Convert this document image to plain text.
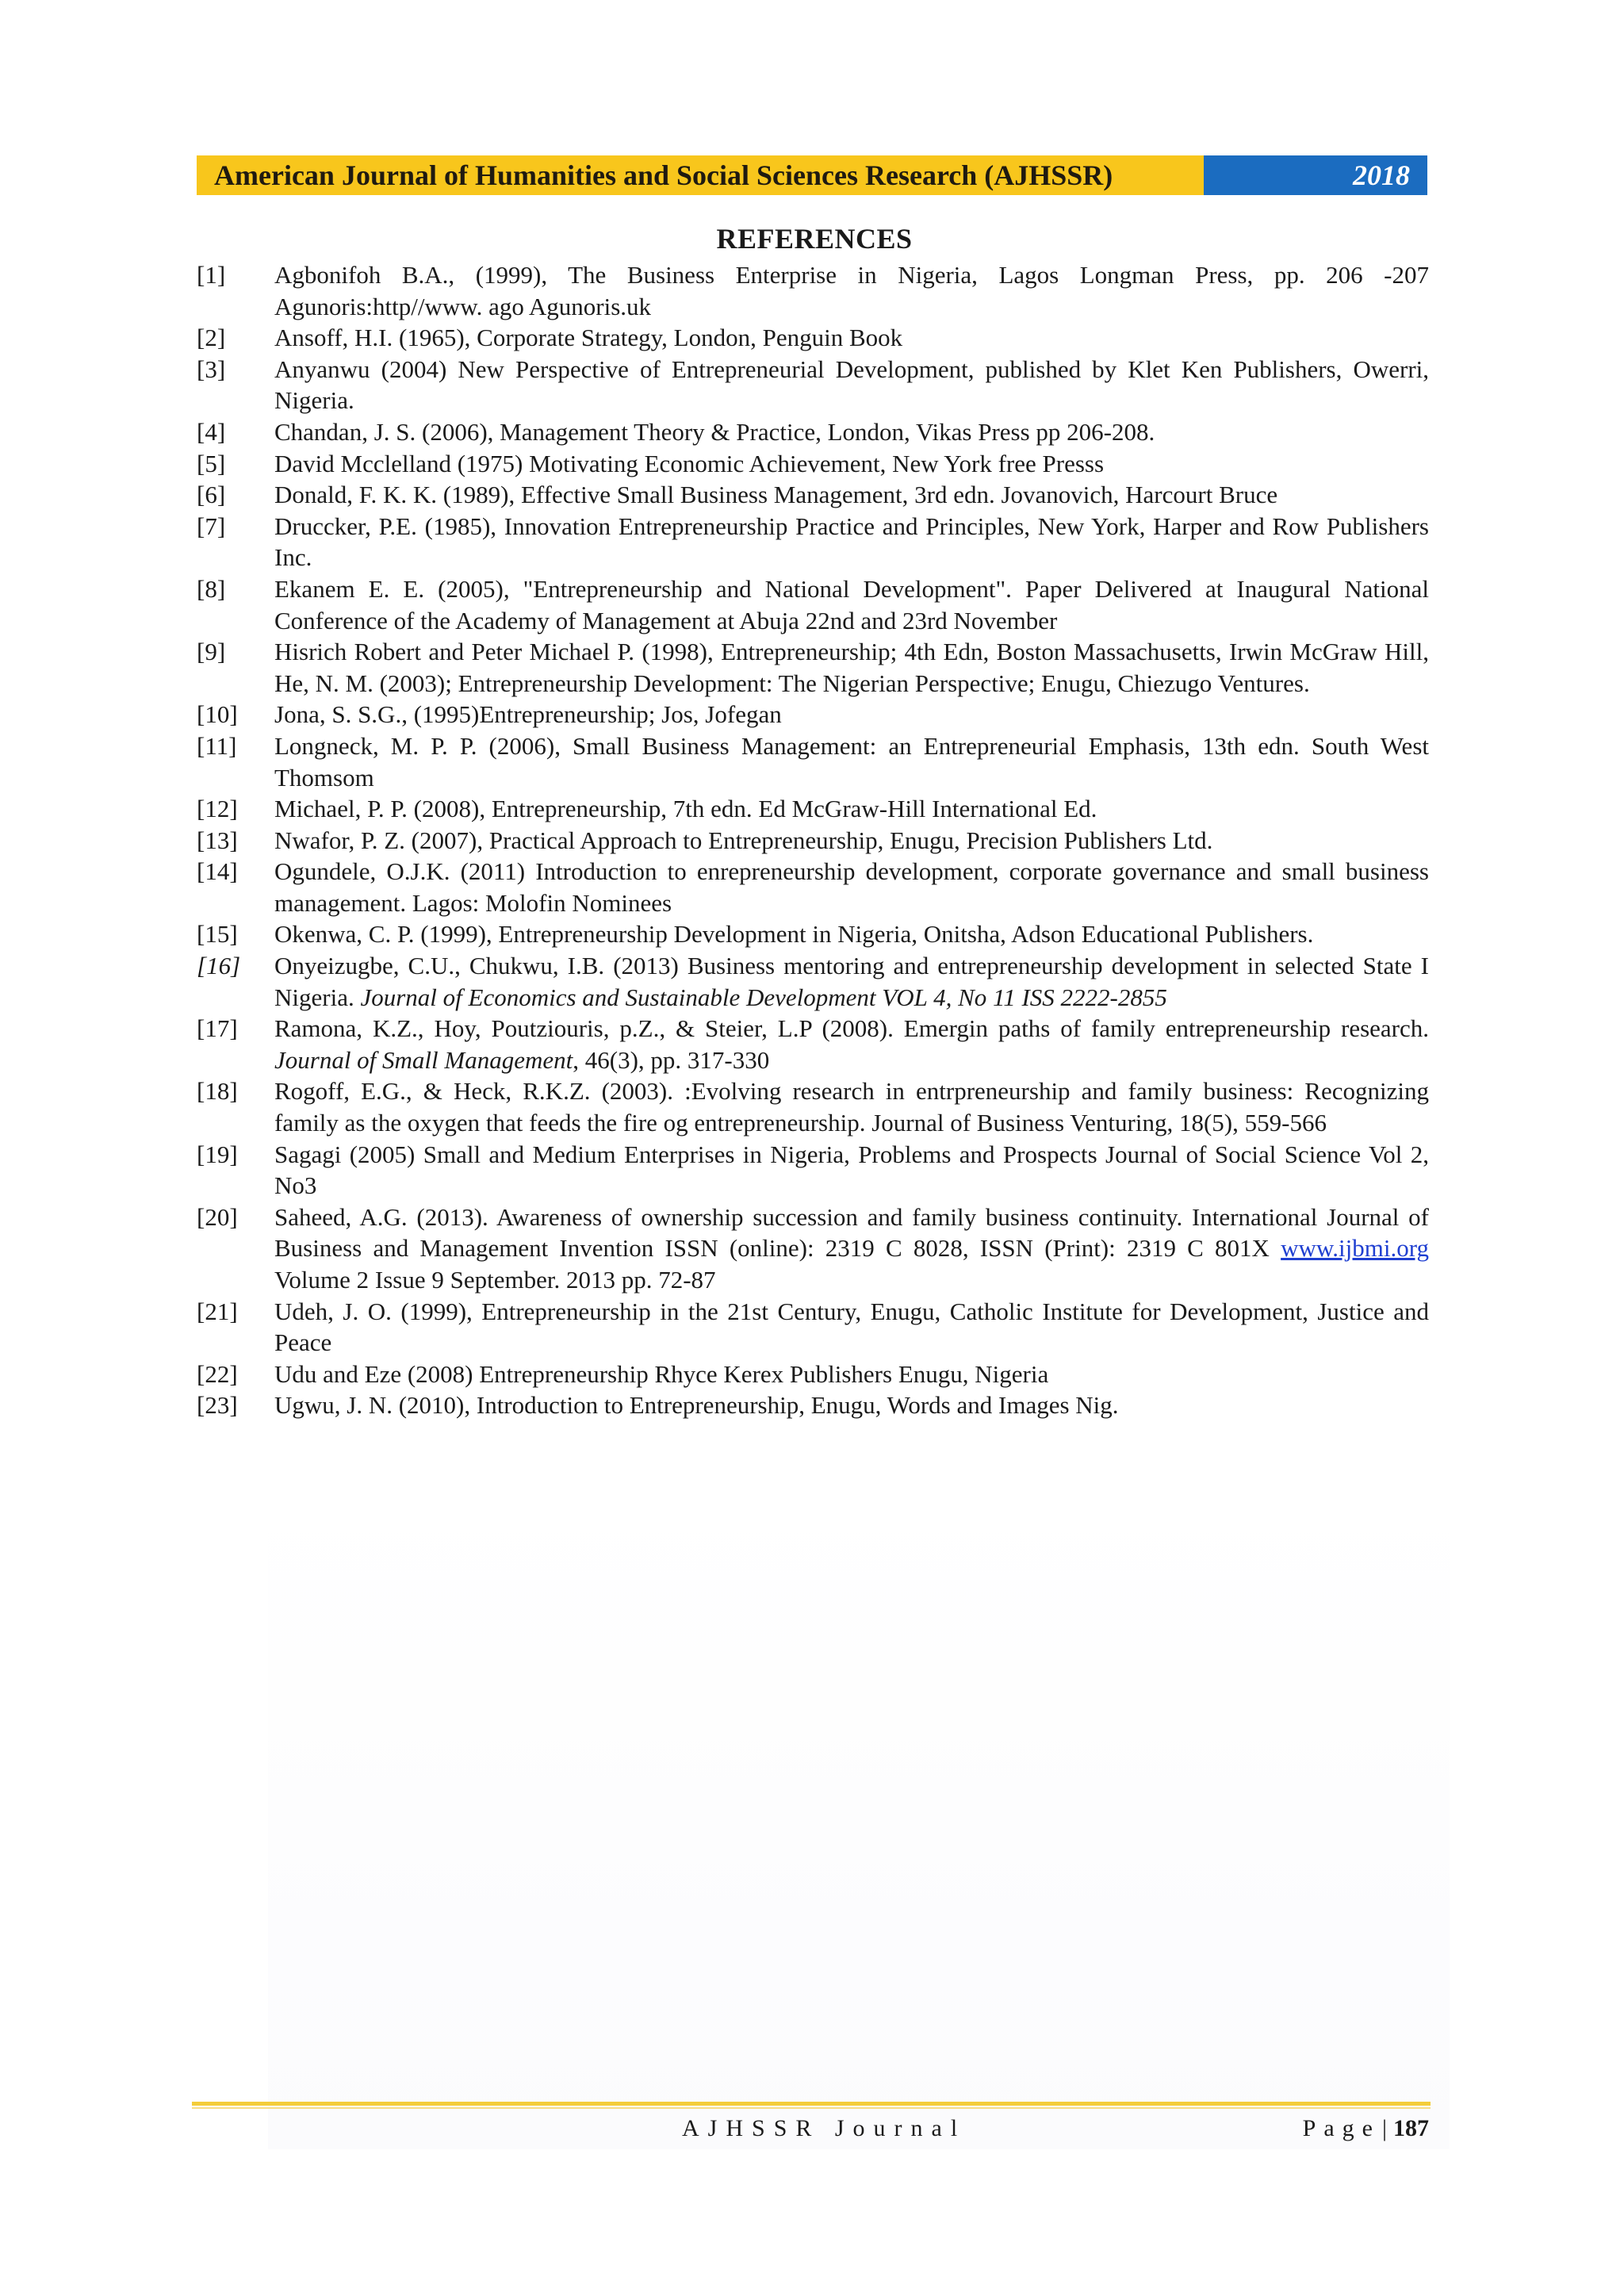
American Journal of Humanities and Social Sciences Research (AJHSSR)	2018
REFERENCES
[1]	Agbonifoh B.A., (1999), The Business Enterprise in Nigeria, Lagos Longman Press, pp. 206 -207 Agunoris:http//www. ago Agunoris.uk
[2]	Ansoff, H.I. (1965), Corporate Strategy, London, Penguin Book
[3]	Anyanwu (2004) New Perspective of Entrepreneurial Development, published by Klet Ken Publishers, Owerri, Nigeria.
[4]	Chandan, J. S. (2006), Management Theory & Practice, London, Vikas Press pp 206-208.
[5]	David Mcclelland (1975) Motivating Economic Achievement, New York free Presss
[6]	Donald, F. K. K. (1989), Effective Small Business Management, 3rd edn. Jovanovich, Harcourt Bruce
[7]	Druccker, P.E. (1985), Innovation Entrepreneurship Practice and Principles, New York, Harper and Row Publishers Inc.
[8]	Ekanem E. E. (2005), "Entrepreneurship and National Development". Paper Delivered at Inaugural National Conference of the Academy of Management at Abuja 22nd and 23rd November
[9]	Hisrich Robert and Peter Michael P. (1998), Entrepreneurship; 4th Edn, Boston Massachusetts, Irwin McGraw Hill, He, N. M. (2003); Entrepreneurship Development: The Nigerian Perspective; Enugu, Chiezugo Ventures.
[10]	Jona, S. S.G., (1995)Entrepreneurship; Jos, Jofegan
[11]	Longneck, M. P. P. (2006), Small Business Management: an Entrepreneurial Emphasis, 13th edn. South West Thomsom
[12]	Michael, P. P. (2008), Entrepreneurship, 7th edn. Ed McGraw-Hill International Ed.
[13]	Nwafor, P. Z. (2007), Practical Approach to Entrepreneurship, Enugu, Precision Publishers Ltd.
[14]	Ogundele, O.J.K. (2011) Introduction to enrepreneurship development, corporate governance and small business management. Lagos: Molofin Nominees
[15]	Okenwa, C. P. (1999), Entrepreneurship Development in Nigeria, Onitsha, Adson Educational Publishers.
[16]	Onyeizugbe, C.U., Chukwu, I.B. (2013) Business mentoring and entrepreneurship development in selected State I Nigeria. Journal of Economics and Sustainable Development VOL 4, No 11 ISS 2222-2855
[17]	Ramona, K.Z., Hoy, Poutziouris, p.Z., & Steier, L.P (2008). Emergin paths of family entrepreneurship research. Journal of Small Management, 46(3), pp. 317-330
[18]	Rogoff, E.G., & Heck, R.K.Z. (2003). :Evolving research in entrpreneurship and family business: Recognizing family as the oxygen that feeds the fire og entrepreneurship. Journal of Business Venturing, 18(5), 559-566
[19]	Sagagi (2005) Small and Medium Enterprises in Nigeria, Problems and Prospects Journal of Social Science Vol 2, No3
[20]	Saheed, A.G. (2013). Awareness of ownership succession and family business continuity. International Journal of Business and Management Invention ISSN (online): 2319 C 8028, ISSN (Print): 2319 C 801X www.ijbmi.org Volume 2 Issue 9 September. 2013 pp. 72-87
[21]	Udeh, J. O. (1999), Entrepreneurship in the 21st Century, Enugu, Catholic Institute for Development, Justice and Peace
[22]	Udu and Eze (2008) Entrepreneurship Rhyce Kerex Publishers Enugu, Nigeria
[23]	Ugwu, J. N. (2010), Introduction to Entrepreneurship, Enugu, Words and Images Nig.
AJHSSR Journal	Page| 187
